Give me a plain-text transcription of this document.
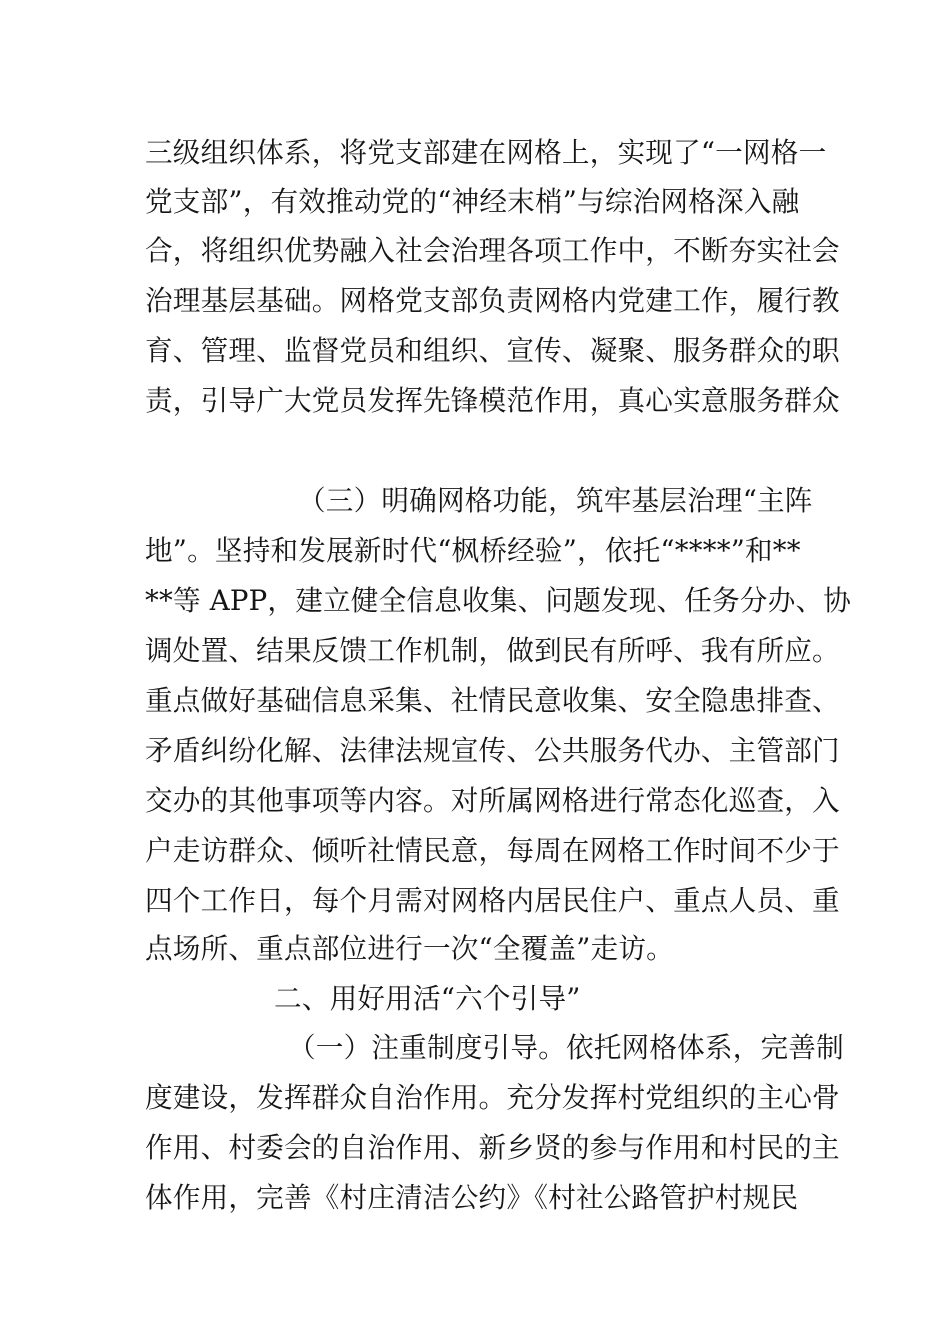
三级组织体系，将党支部建在网格上，实现了“一网格一
党支部”，有效推动党的“神经末梢”与综治网格深入融
合，将组织优势融入社会治理各项工作中，不断夯实社会
治理基层基础。网格党支部负责网格内党建工作，履行教
育、管理、监督党员和组织、宣传、凝聚、服务群众的职
责，引导广大党员发挥先锋模范作用，真心实意服务群众
（三）明确网格功能，筑牢基层治理“主阵
地”。坚持和发展新时代“枫桥经验”，依托“****”和**
**等 APP，建立健全信息收集、问题发现、任务分办、协
调处置、结果反馈工作机制，做到民有所呼、我有所应。
重点做好基础信息采集、社情民意收集、安全隐患排查、
矛盾纠纷化解、法律法规宣传、公共服务代办、主管部门
交办的其他事项等内容。对所属网格进行常态化巡查，入
户走访群众、倾听社情民意，每周在网格工作时间不少于
四个工作日，每个月需对网格内居民住户、重点人员、重
点场所、重点部位进行一次“全覆盖”走访。
二、用好用活“六个引导”
（一）注重制度引导。依托网格体系，完善制
度建设，发挥群众自治作用。充分发挥村党组织的主心骨
作用、村委会的自治作用、新乡贤的参与作用和村民的主
体作用，完善《村庄清洁公约》《村社公路管护村规民
